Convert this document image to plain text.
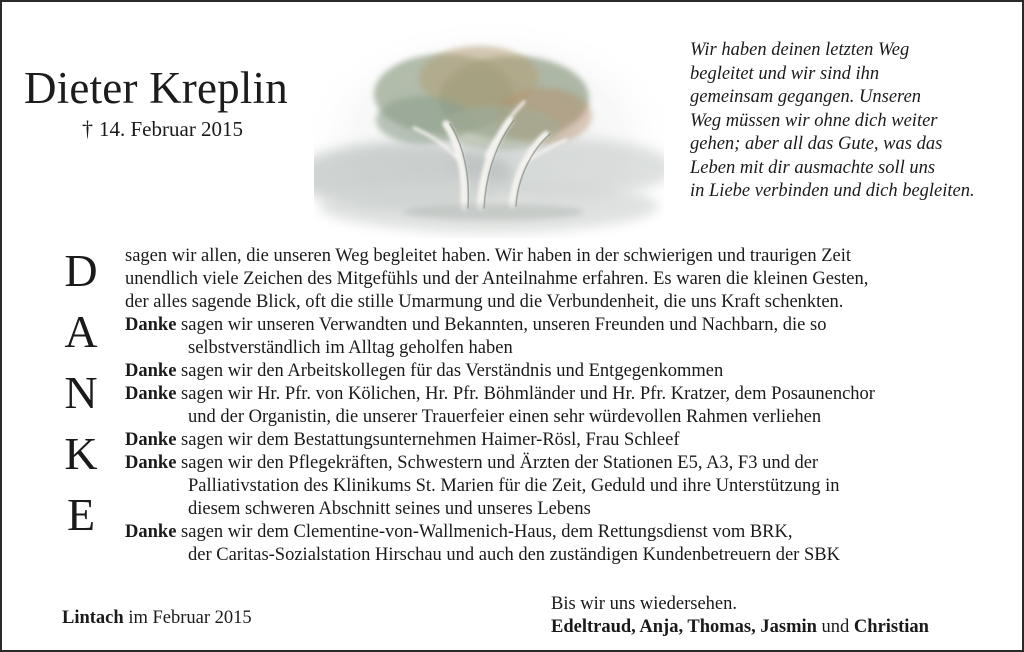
Dieter Kreplin
† 14. Februar 2015
Wir haben deinen letzten Weg
begleitet und wir sind ihn
gemeinsam gegangen. Unseren
Weg müssen wir ohne dich weiter
gehen; aber all das Gute, was das
Leben mit dir ausmachte soll uns
in Liebe verbinden und dich begleiten.
D
A
N
K
E
sagen wir allen, die unseren Weg begleitet haben. Wir haben in der schwierigen und traurigen Zeit
unendlich viele Zeichen des Mitgefühls und der Anteilnahme erfahren. Es waren die kleinen Gesten,
der alles sagende Blick, oft die stille Umarmung und die Verbundenheit, die uns Kraft schenkten.
Danke sagen wir unseren Verwandten und Bekannten, unseren Freunden und Nachbarn, die so
selbstverständlich im Alltag geholfen haben
Danke sagen wir den Arbeitskollegen für das Verständnis und Entgegenkommen
Danke sagen wir Hr. Pfr. von Kölichen, Hr. Pfr. Böhmländer und Hr. Pfr. Kratzer, dem Posaunenchor
und der Organistin, die unserer Trauerfeier einen sehr würdevollen Rahmen verliehen
Danke sagen wir dem Bestattungsunternehmen Haimer-Rösl, Frau Schleef
Danke sagen wir den Pflegekräften, Schwestern und Ärzten der Stationen E5, A3, F3 und der
Palliativstation des Klinikums St. Marien für die Zeit, Geduld und ihre Unterstützung in
diesem schweren Abschnitt seines und unseres Lebens
Danke sagen wir dem Clementine-von-Wallmenich-Haus, dem Rettungsdienst vom BRK,
der Caritas-Sozialstation Hirschau und auch den zuständigen Kundenbetreuern der SBK
Lintach im Februar 2015
Bis wir uns wiedersehen.
Edeltraud, Anja, Thomas, Jasmin und Christian
